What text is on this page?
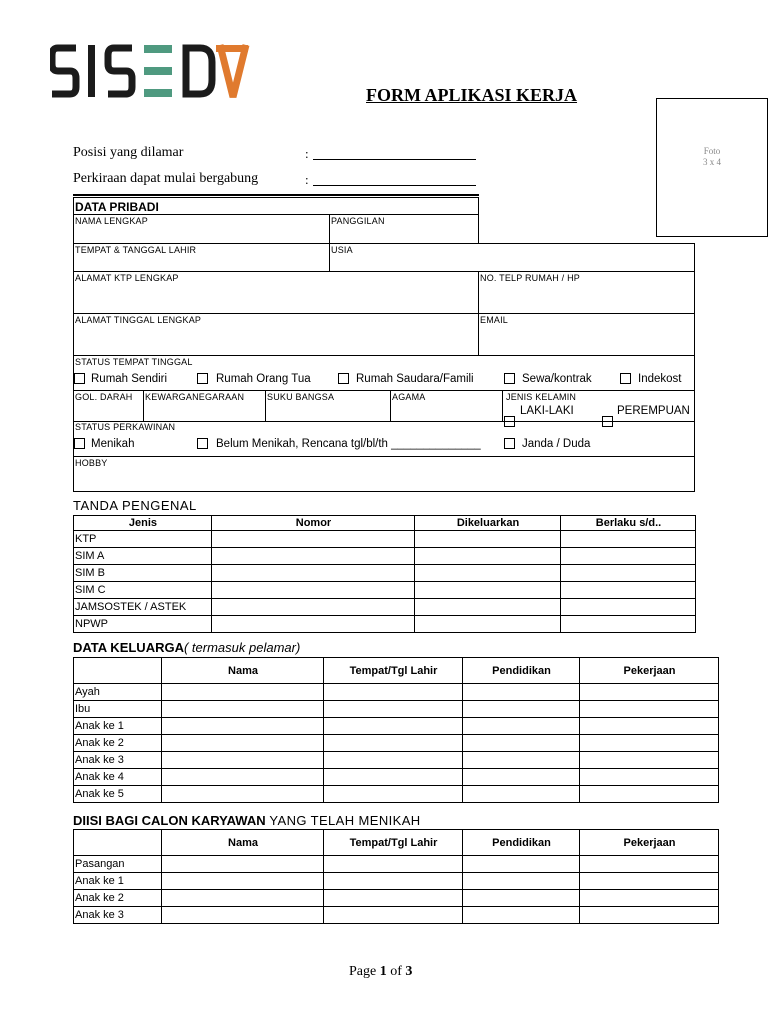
FORM APLIKASI KERJA
Foto
3 x 4
Posisi yang dilamar	:
Perkiraan dapat mulai bergabung	:
DATA PRIBADI
NAMA LENGKAP	PANGGILAN
TEMPAT & TANGGAL LAHIR	USIA
ALAMAT KTP LENGKAP	NO. TELP RUMAH / HP
ALAMAT TINGGAL LENGKAP	EMAIL
STATUS TEMPAT TINGGAL
Rumah Sendiri	Rumah Orang Tua	Rumah Saudara/Famili	Sewa/kontrak	Indekost
GOL. DARAH KEWARGANEGARAAN	SUKU BANGSA	AGAMA	JENIS KELAMIN
LAKI-LAKI	PEREMPUAN
STATUS PERKAWINAN
Menikah	Belum Menikah, Rencana tgl/bl/th ______________	Janda / Duda
HOBBY
TANDA PENGENAL
Jenis	Nomor	Dikeluarkan	Berlaku s/d..
KTP			
SIM A			
SIM B			
SIM C			
JAMSOSTEK / ASTEK			
NPWP			
DATA KELUARGA( termasuk pelamar)
	Nama	Tempat/Tgl Lahir	Pendidikan	Pekerjaan
Ayah				
Ibu				
Anak ke 1				
Anak ke 2				
Anak ke 3				
Anak ke 4				
Anak ke 5				
DIISI BAGI CALON KARYAWAN YANG TELAH MENIKAH
	Nama	Tempat/Tgl Lahir	Pendidikan	Pekerjaan
Pasangan				
Anak ke 1				
Anak ke 2				
Anak ke 3				
Page 1 of 3
